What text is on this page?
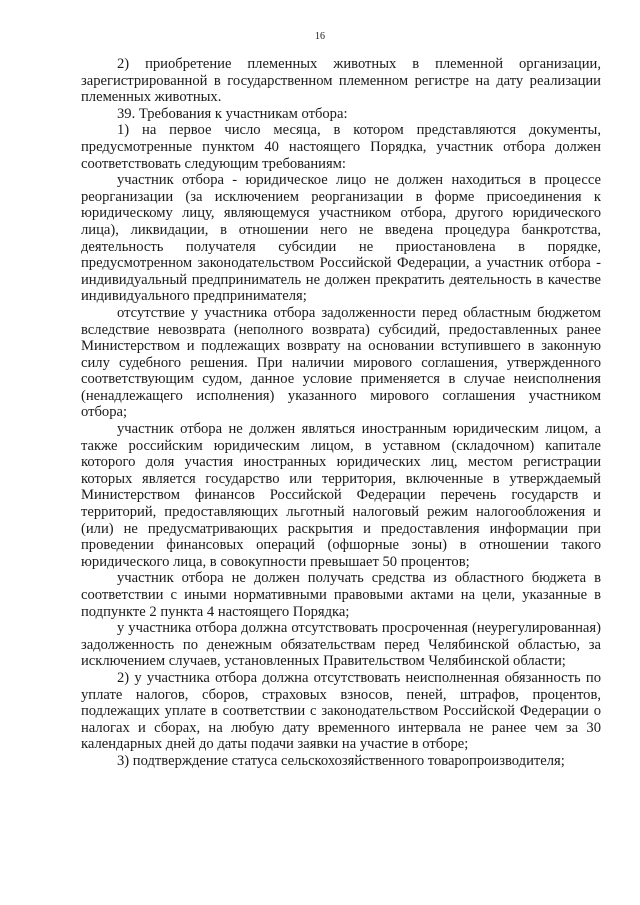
16

2) приобретение племенных животных в племенной организации, зарегистрированной в государственном племенном регистре на дату реализации племенных животных.

39. Требования к участникам отбора:

1) на первое число месяца, в котором представляются документы, предусмотренные пунктом 40 настоящего Порядка, участник отбора должен соответствовать следующим требованиям:

участник отбора - юридическое лицо не должен находиться в процессе реорганизации (за исключением реорганизации в форме присоединения к юридическому лицу, являющемуся участником отбора, другого юридического лица), ликвидации, в отношении него не введена процедура банкротства, деятельность получателя субсидии не приостановлена в порядке, предусмотренном законодательством Российской Федерации, а участник отбора - индивидуальный предприниматель не должен прекратить деятельность в качестве индивидуального предпринимателя;

отсутствие у участника отбора задолженности перед областным бюджетом вследствие невозврата (неполного возврата) субсидий, предоставленных ранее Министерством и подлежащих возврату на основании вступившего в законную силу судебного решения. При наличии мирового соглашения, утвержденного соответствующим судом, данное условие применяется в случае неисполнения (ненадлежащего исполнения) указанного мирового соглашения участником отбора;

участник отбора не должен являться иностранным юридическим лицом, а также российским юридическим лицом, в уставном (складочном) капитале которого доля участия иностранных юридических лиц, местом регистрации которых является государство или территория, включенные в утверждаемый Министерством финансов Российской Федерации перечень государств и территорий, предоставляющих льготный налоговый режим налогообложения и (или) не предусматривающих раскрытия и предоставления информации при проведении финансовых операций (офшорные зоны) в отношении такого юридического лица, в совокупности превышает 50 процентов;

участник отбора не должен получать средства из областного бюджета в соответствии с иными нормативными правовыми актами на цели, указанные в подпункте 2 пункта 4 настоящего Порядка;

у участника отбора должна отсутствовать просроченная (неурегулированная) задолженность по денежным обязательствам перед Челябинской областью, за исключением случаев, установленных Правительством Челябинской области;

2) у участника отбора должна отсутствовать неисполненная обязанность по уплате налогов, сборов, страховых взносов, пеней, штрафов, процентов, подлежащих уплате в соответствии с законодательством Российской Федерации о налогах и сборах, на любую дату временного интервала не ранее чем за 30 календарных дней до даты подачи заявки на участие в отборе;

3) подтверждение статуса сельскохозяйственного товаропроизводителя;
